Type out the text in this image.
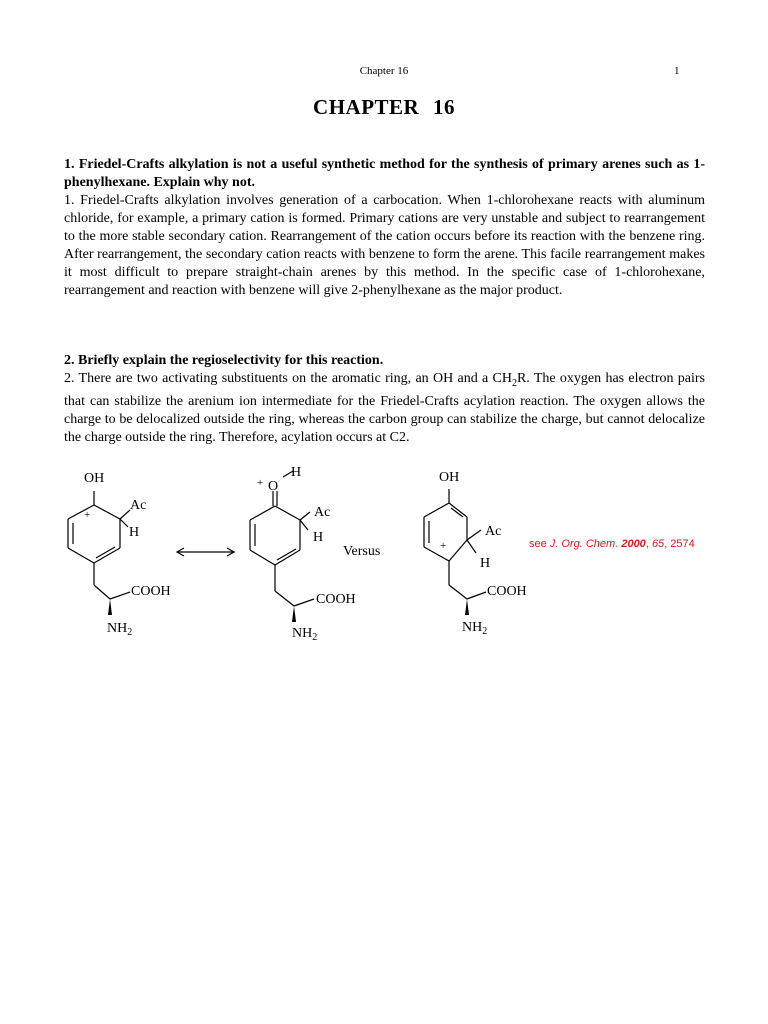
Chapter 16	1
CHAPTER 16
1. Friedel-Crafts alkylation is not a useful synthetic method for the synthesis of primary arenes such as 1-phenylhexane. Explain why not.
1. Friedel-Crafts alkylation involves generation of a carbocation. When 1-chlorohexane reacts with aluminum chloride, for example, a primary cation is formed. Primary cations are very unstable and subject to rearrangement to the more stable secondary cation. Rearrangement of the cation occurs before its reaction with the benzene ring. After rearrangement, the secondary cation reacts with benzene to form the arene. This facile rearrangement makes it most difficult to prepare straight-chain arenes by this method. In the specific case of 1-chlorohexane, rearrangement and reaction with benzene will give 2-phenylhexane as the major product.
2. Briefly explain the regioselectivity for this reaction.
2. There are two activating substituents on the aromatic ring, an OH and a $CH_2R$. The oxygen has electron pairs that can stabilize the arenium ion intermediate for the Friedel-Crafts acylation reaction. The oxygen allows the charge to be delocalized outside the ring, whereas the carbon group can stabilize the charge, but cannot delocalize the charge outside the ring. Therefore, acylation occurs at C2.
OH
+
Ac
H
COOH
$NH_2$
+ O
H
Ac
H
COOH
$NH_2$
Versus
OH
+
Ac
H
COOH
$NH_2$
see J. Org. Chem. 2000, 65, 2574
